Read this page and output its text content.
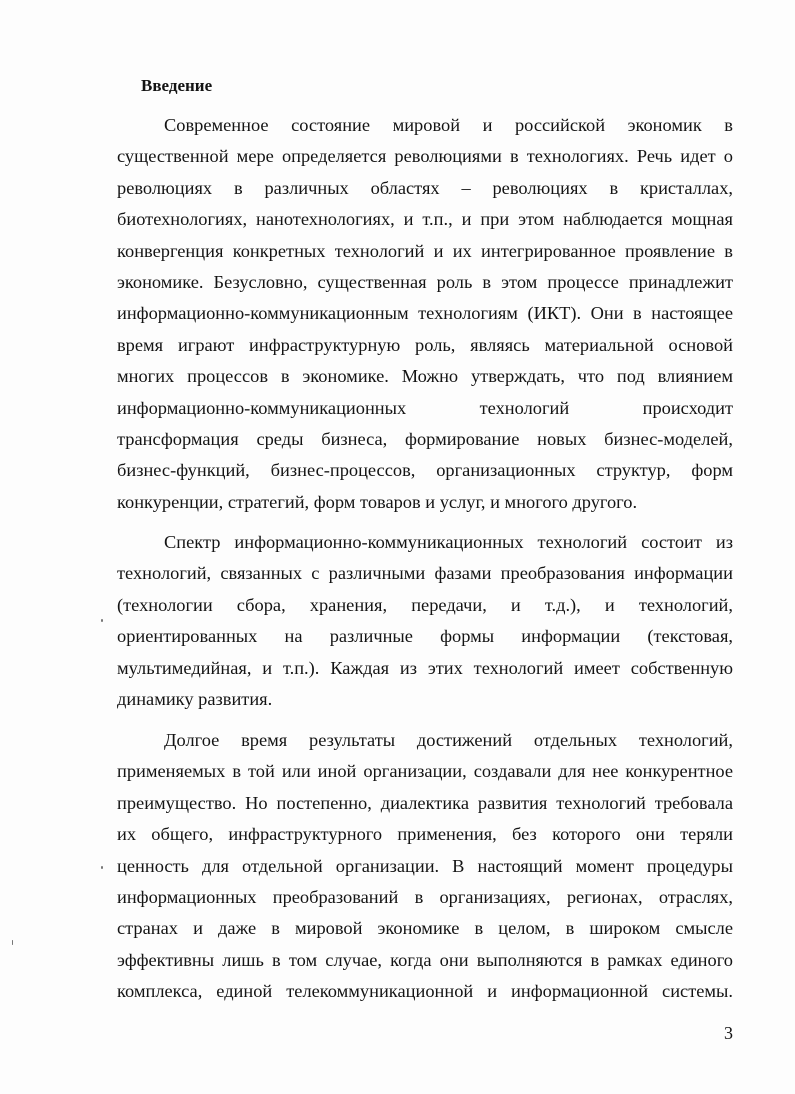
Введение

Современное состояние мировой и российской экономик в
существенной мере определяется революциями в технологиях. Речь идет о
революциях в различных областях – революциях в кристаллах,
биотехнологиях, нанотехнологиях, и т.п., и при этом наблюдается мощная
конвергенция конкретных технологий и их интегрированное проявление в
экономике. Безусловно, существенная роль в этом процессе принадлежит
информационно-коммуникационным технологиям (ИКТ). Они в настоящее
время играют инфраструктурную роль, являясь материальной основой
многих процессов в экономике. Можно утверждать, что под влиянием
информационно-коммуникационных технологий происходит
трансформация среды бизнеса, формирование новых бизнес-моделей,
бизнес-функций, бизнес-процессов, организационных структур, форм
конкуренции, стратегий, форм товаров и услуг, и многого другого.

Спектр информационно-коммуникационных технологий состоит из
технологий, связанных с различными фазами преобразования информации
(технологии сбора, хранения, передачи, и т.д.), и технологий,
ориентированных на различные формы информации (текстовая,
мультимедийная, и т.п.). Каждая из этих технологий имеет собственную
динамику развития.

Долгое время результаты достижений отдельных технологий,
применяемых в той или иной организации, создавали для нее конкурентное
преимущество. Но постепенно, диалектика развития технологий требовала
их общего, инфраструктурного применения, без которого они теряли
ценность для отдельной организации. В настоящий момент процедуры
информационных преобразований в организациях, регионах, отраслях,
странах и даже в мировой экономике в целом, в широком смысле
эффективны лишь в том случае, когда они выполняются в рамках единого
комплекса, единой телекоммуникационной и информационной системы.

3
